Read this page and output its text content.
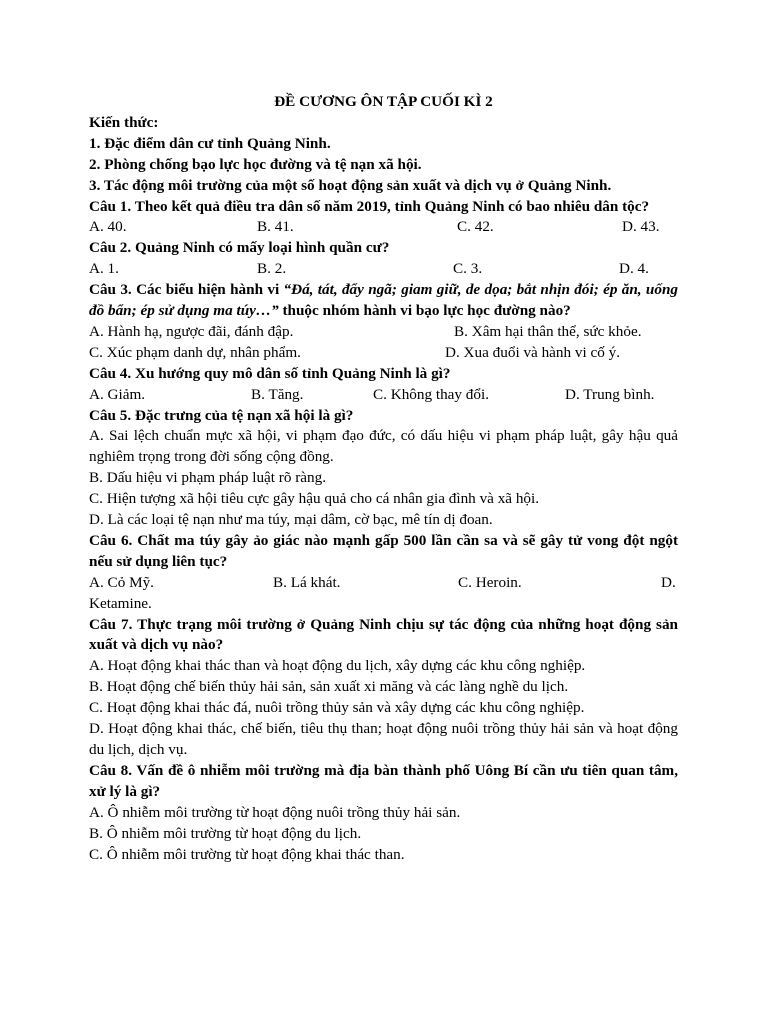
ĐỀ CƯƠNG ÔN TẬP CUỐI KÌ 2
Kiến thức:
1. Đặc điểm dân cư tỉnh Quảng Ninh.
2. Phòng chống bạo lực học đường và tệ nạn xã hội.
3. Tác động môi trường của một số hoạt động sản xuất và dịch vụ ở Quảng Ninh.
Câu 1. Theo kết quả điều tra dân số năm 2019, tỉnh Quảng Ninh có bao nhiêu dân tộc?
A. 40.	B. 41.	C. 42.	D. 43.
Câu 2. Quảng Ninh có mấy loại hình quần cư?
A. 1.	B. 2.	C. 3.	D. 4.
Câu 3. Các biểu hiện hành vi “Đá, tát, đẩy ngã; giam giữ, de dọa; bắt nhịn đói; ép ăn, uống đồ bẩn; ép sử dụng ma túy…” thuộc nhóm hành vi bạo lực học đường nào?
A. Hành hạ, ngược đãi, đánh đập.	B. Xâm hại thân thể, sức khỏe.
C. Xúc phạm danh dự, nhân phẩm.	D. Xua đuổi và hành vi cố ý.
Câu 4. Xu hướng quy mô dân số tỉnh Quảng Ninh là gì?
A. Giảm.	B. Tăng.	C. Không thay đổi.	D. Trung bình.
Câu 5. Đặc trưng của tệ nạn xã hội là gì?
A. Sai lệch chuẩn mực xã hội, vi phạm đạo đức, có dấu hiệu vi phạm pháp luật, gây hậu quả nghiêm trọng trong đời sống cộng đồng.
B. Dấu hiệu vi phạm pháp luật rõ ràng.
C. Hiện tượng xã hội tiêu cực gây hậu quả cho cá nhân gia đình và xã hội.
D. Là các loại tệ nạn như ma túy, mại dâm, cờ bạc, mê tín dị đoan.
Câu 6. Chất ma túy gây ảo giác nào mạnh gấp 500 lần cần sa và sẽ gây tử vong đột ngột nếu sử dụng liên tục?
A. Cỏ Mỹ.	B. Lá khát.	C. Heroin.	D.
Ketamine.
Câu 7. Thực trạng môi trường ở Quảng Ninh chịu sự tác động của những hoạt động sản xuất và dịch vụ nào?
A. Hoạt động khai thác than và hoạt động du lịch, xây dựng các khu công nghiệp.
B. Hoạt động chế biến thủy hải sản, sản xuất xi măng và các làng nghề du lịch.
C. Hoạt động khai thác đá, nuôi trồng thủy sản và xây dựng các khu công nghiệp.
D. Hoạt động khai thác, chế biến, tiêu thụ than; hoạt động nuôi trồng thủy hải sản và hoạt động du lịch, dịch vụ.
Câu 8. Vấn đề ô nhiễm môi trường mà địa bàn thành phố Uông Bí cần ưu tiên quan tâm, xử lý là gì?
A. Ô nhiễm môi trường từ hoạt động nuôi trồng thủy hải sản.
B. Ô nhiễm môi trường từ hoạt động du lịch.
C. Ô nhiễm môi trường từ hoạt động khai thác than.
